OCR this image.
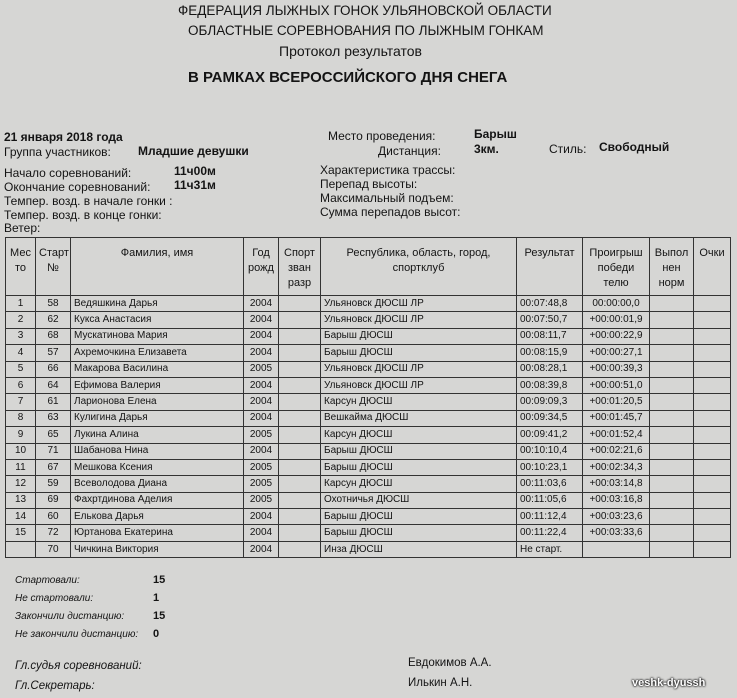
ФЕДЕРАЦИЯ ЛЫЖНЫХ ГОНОК УЛЬЯНОВСКОЙ ОБЛАСТИ
ОБЛАСТНЫЕ СОРЕВНОВАНИЯ ПО ЛЫЖНЫМ ГОНКАМ
Протокол результатов
В РАМКАХ ВСЕРОССИЙСКОГО ДНЯ СНЕГА
21 января 2018 года	Место проведения:	Барыш
Группа участников: Младшие девушки	Дистанция:	3км.	Стиль: Свободный
Начало соревнований:	11ч00м
Окончание соревнований: 11ч31м
Темпер. возд. в начале гонки :
Темпер. возд. в конце гонки:
Ветер:
Характеристика трассы:
Перепад высоты:
Максимальный подъем:
Сумма перепадов высот:
Мес то	Старт №	Фамилия, имя	Год рожд	Спорт зван разр	Республика, область, город, спортклуб	Результат	Проигрыш победи телю	Выпол нен норм	Очки
1	58	Ведяшкина Дарья	2004		Ульяновск ДЮСШ ЛР	00:07:48,8	00:00:00,0		
2	62	Кукса Анастасия	2004		Ульяновск ДЮСШ ЛР	00:07:50,7	+00:00:01,9		
3	68	Мускатинова Мария	2004		Барыш ДЮСШ	00:08:11,7	+00:00:22,9		
4	57	Ахремочкина Елизавета	2004		Барыш ДЮСШ	00:08:15,9	+00:00:27,1		
5	66	Макарова Василина	2005		Ульяновск ДЮСШ ЛР	00:08:28,1	+00:00:39,3		
6	64	Ефимова Валерия	2004		Ульяновск ДЮСШ ЛР	00:08:39,8	+00:00:51,0		
7	61	Ларионова Елена	2004		Карсун ДЮСШ	00:09:09,3	+00:01:20,5		
8	63	Кулигина Дарья	2004		Вешкайма ДЮСШ	00:09:34,5	+00:01:45,7		
9	65	Лукина Алина	2005		Карсун ДЮСШ	00:09:41,2	+00:01:52,4		
10	71	Шабанова Нина	2004		Барыш ДЮСШ	00:10:10,4	+00:02:21,6		
11	67	Мешкова Ксения	2005		Барыш ДЮСШ	00:10:23,1	+00:02:34,3		
12	59	Всеволодова Диана	2005		Карсун ДЮСШ	00:11:03,6	+00:03:14,8		
13	69	Фахртдинова Аделия	2005		Охотничья ДЮСШ	00:11:05,6	+00:03:16,8		
14	60	Елькова Дарья	2004		Барыш ДЮСШ	00:11:12,4	+00:03:23,6		
15	72	Юртанова Екатерина	2004		Барыш ДЮСШ	00:11:22,4	+00:03:33,6		
	70	Чичкина Виктория	2004		Инза ДЮСШ	Не старт.			
Стартовали:	15
Не стартовали:	1
Закончили дистанцию:	15
Не закончили дистанцию: 0
Гл.судья соревнований:	Евдокимов А.А.
Гл.Секретарь:	Илькин А.Н.	veshk-dyussh
